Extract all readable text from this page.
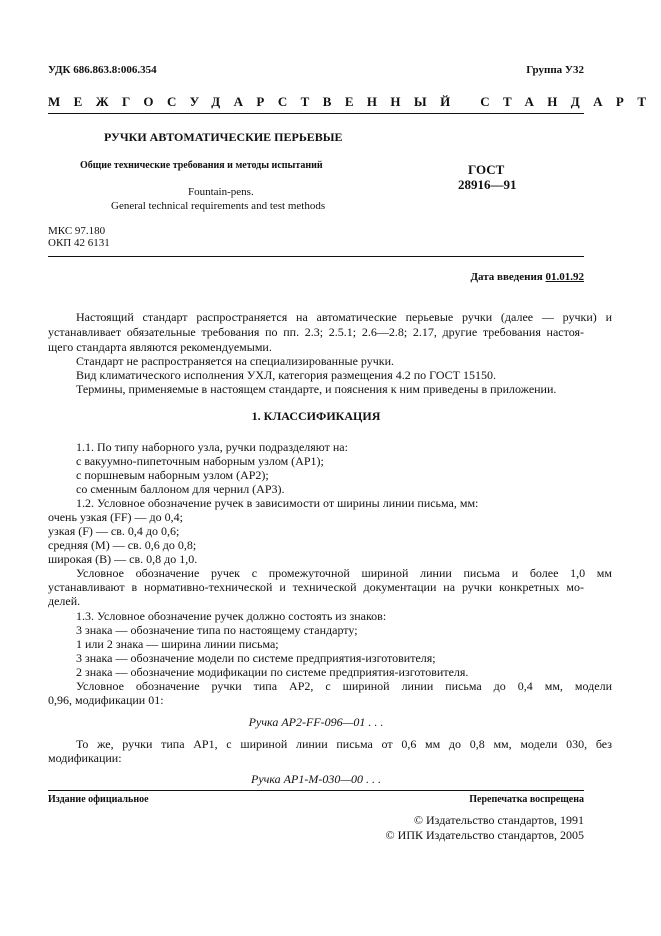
УДК 686.863.8:006.354	Группа У32
МЕЖГОСУДАРСТВЕННЫЙ СТАНДАРТ
РУЧКИ АВТОМАТИЧЕСКИЕ ПЕРЬЕВЫЕ
Общие технические требования и методы испытаний
Fountain-pens.
General technical requirements and test methods
ГОСТ
28916—91
МКС 97.180
ОКП 42 6131
Дата введения 01.01.92
Настоящий стандарт распространяется на автоматические перьевые ручки (далее — ручки) и
устанавливает обязательные требования по пп. 2.3; 2.5.1; 2.6—2.8; 2.17, другие требования настоя-
щего стандарта являются рекомендуемыми.
Стандарт не распространяется на специализированные ручки.
Вид климатического исполнения УХЛ, категория размещения 4.2 по ГОСТ 15150.
Термины, применяемые в настоящем стандарте, и пояснения к ним приведены в приложении.
1. КЛАССИФИКАЦИЯ
1.1. По типу наборного узла, ручки подразделяют на:
с вакуумно-пипеточным наборным узлом (АР1);
с поршневым наборным узлом (АР2);
со сменным баллоном для чернил (АР3).
1.2. Условное обозначение ручек в зависимости от ширины линии письма, мм:
очень узкая (FF) — до 0,4;
узкая (F) — св. 0,4 до 0,6;
средняя (М) — св. 0,6 до 0,8;
широкая (В) — св. 0,8 до 1,0.
Условное обозначение ручек с промежуточной шириной линии письма и более 1,0 мм
устанавливают в нормативно-технической и технической документации на ручки конкретных мо-
делей.
1.3. Условное обозначение ручек должно состоять из знаков:
3 знака — обозначение типа по настоящему стандарту;
1 или 2 знака — ширина линии письма;
3 знака — обозначение модели по системе предприятия-изготовителя;
2 знака — обозначение модификации по системе предприятия-изготовителя.
Условное обозначение ручки типа АР2, с шириной линии письма до 0,4 мм, модели
0,96, модификации 01:
Ручка АР2-FF-096—01 . . .
То же, ручки типа АР1, с шириной линии письма от 0,6 мм до 0,8 мм, модели 030, без
модификации:
Ручка АР1-М-030—00 . . .
Издание официальное	Перепечатка воспрещена
© Издательство стандартов, 1991
© ИПК Издательство стандартов, 2005
